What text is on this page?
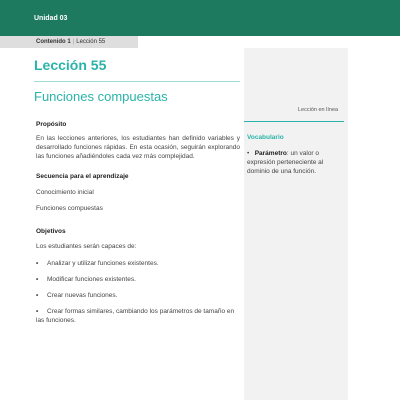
Unidad 03
Contenido 1 | Lección 55
Lección 55
Funciones compuestas
Propósito
En las lecciones anteriores, los estudiantes han definido variables y desarrollado funciones rápidas. En esta ocasión, seguirán explorando las funciones añadiéndoles cada vez más complejidad.
Secuencia para el aprendizaje
Conocimiento inicial
Funciones compuestas
Objetivos
Los estudiantes serán capaces de:
• Analizar y utilizar funciones existentes.
• Modificar funciones existentes.
• Crear nuevas funciones.
• Crear formas similares, cambiando los parámetros de tamaño en las funciones.
Lección en línea
Vocabulario
• Parámetro: un valor o expresión perteneciente al dominio de una función.
